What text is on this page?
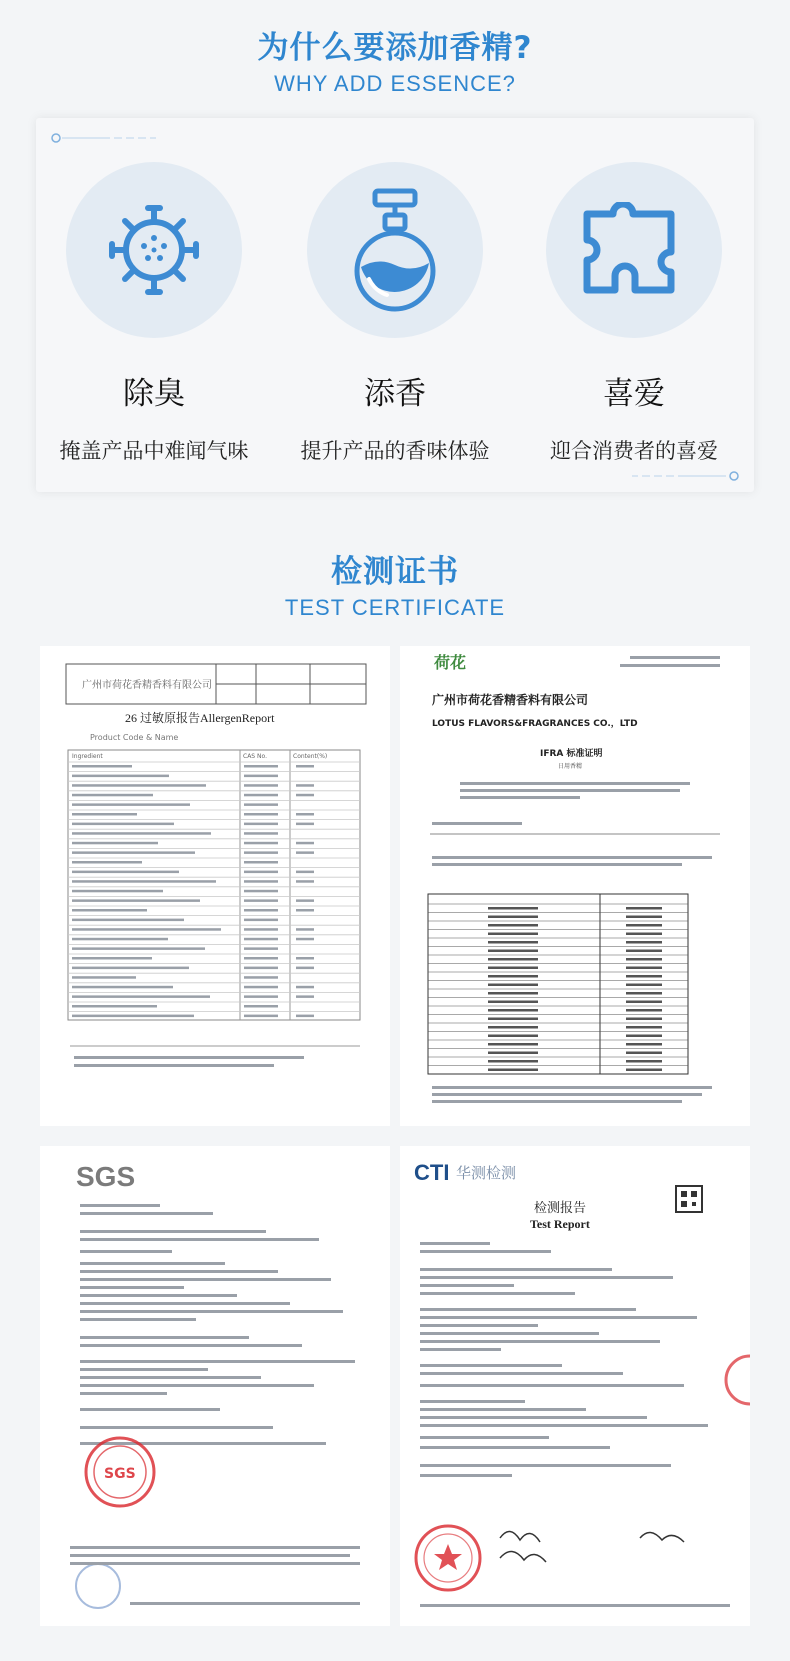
为什么要添加香精?
WHY ADD ESSENCE?
除臭
掩盖产品中难闻气味
添香
提升产品的香味体验
喜爱
迎合消费者的喜爱
检测证书
TEST CERTIFICATE
广州市荷花香精香料有限公司
26 过敏原报告AllergenReport
Product Code & Name
Ingredient	CAS No.	Content(%)
荷花
广州市荷花香精香料有限公司
LOTUS FLAVORS&FRAGRANCES CO.，LTD
IFRA 标准证明
日用香精
SGS
SGS
CTI 华测检测
检测报告
Test Report
